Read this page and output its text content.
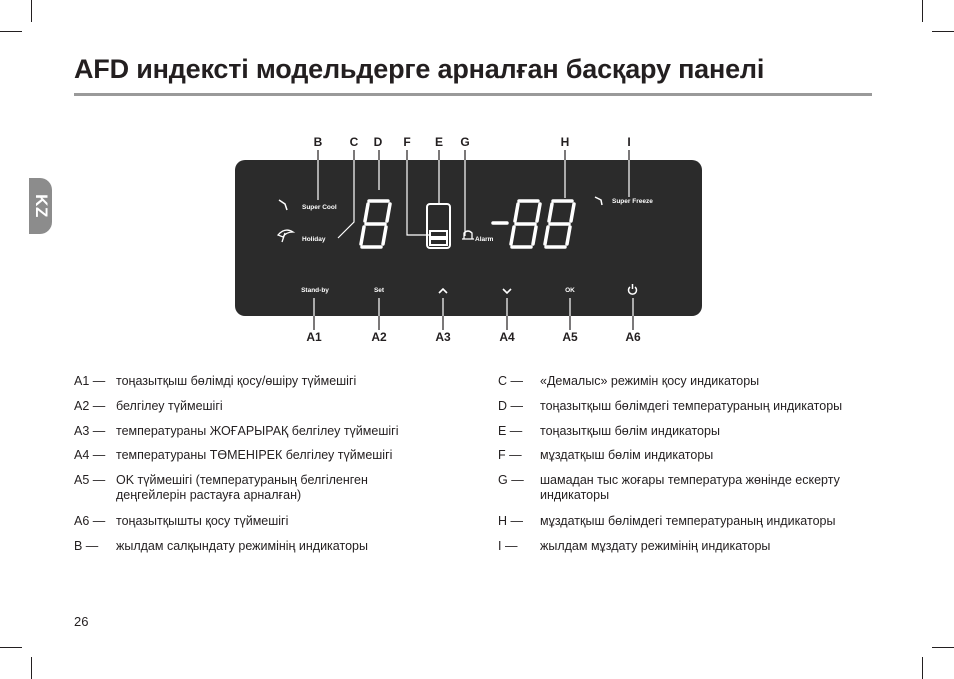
AFD индексті модельдерге арналған басқару панелі
KZ
B	C	D	F	E	G	H	I
Super Cool
Holiday	Alarm
Super Freeze
Stand-by	Set	OK
A1	A2	A3	A4	A5	A6
A1 — тоңазытқыш бөлімді қосу/өшіру түймешігі
A2 — белгілеу түймешігі
A3 — температураны ЖОҒАРЫРАҚ белгілеу түймешігі
A4 — температураны ТӨМЕНІРЕК белгілеу түймешігі
A5 — OK түймешігі (температураның белгіленген деңгейлерін растауға арналған)
A6 — тоңазытқышты қосу түймешігі
B — жылдам салқындату режимінің индикаторы
C — «Демалыс» режимін қосу индикаторы
D — тоңазытқыш бөлімдегі температураның индикаторы
E — тоңазытқыш бөлім индикаторы
F — мұздатқыш бөлім индикаторы
G — шамадан тыс жоғары температура жөнінде ескерту индикаторы
H — мұздатқыш бөлімдегі температураның индикаторы
I — жылдам мұздату режимінің индикаторы
26
